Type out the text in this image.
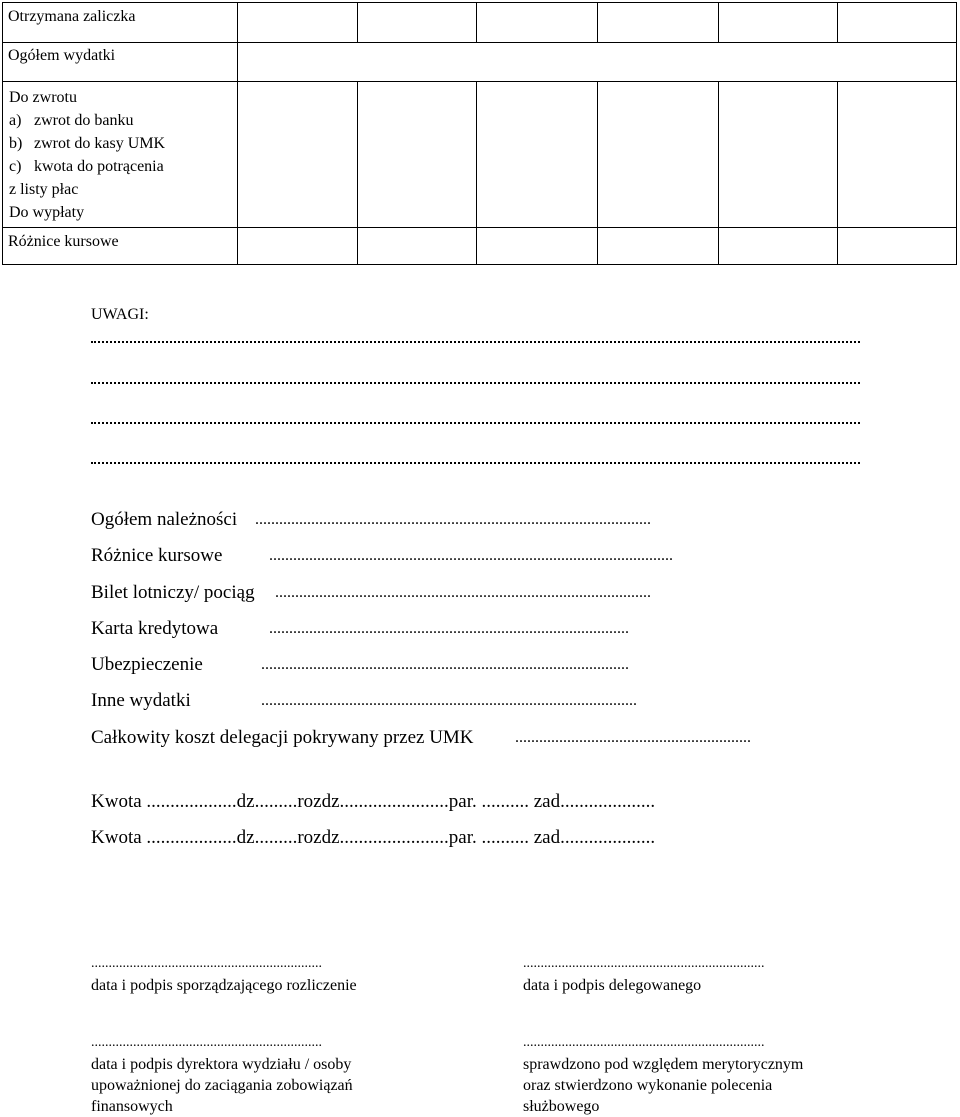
Otrzymana zaliczka
Ogółem wydatki
Do zwrotu
a) zwrot do banku
b) zwrot do kasy UMK
c) kwota do potrącenia
z listy płac
Do wypłaty
Różnice kursowe
UWAGI:
Ogółem należności ...................................................................................................
Różnice kursowe	.....................................................................................................
Bilet lotniczy/ pociąg ..............................................................................................
Karta kredytowa	..........................................................................................
Ubezpieczenie	............................................................................................
Inne wydatki	..............................................................................................
Całkowity koszt delegacji pokrywany przez UMK	...........................................................
Kwota ...................dz.........rozdz.......................par. .......... zad....................
Kwota ...................dz.........rozdz.......................par. .......... zad....................
..................................................................
data i podpis sporządzającego rozliczenie
.....................................................................
data i podpis delegowanego
..................................................................
data i podpis dyrektora wydziału / osoby
upoważnionej do zaciągania zobowiązań
finansowych
.....................................................................
sprawdzono pod względem merytorycznym
oraz stwierdzono wykonanie polecenia
służbowego
